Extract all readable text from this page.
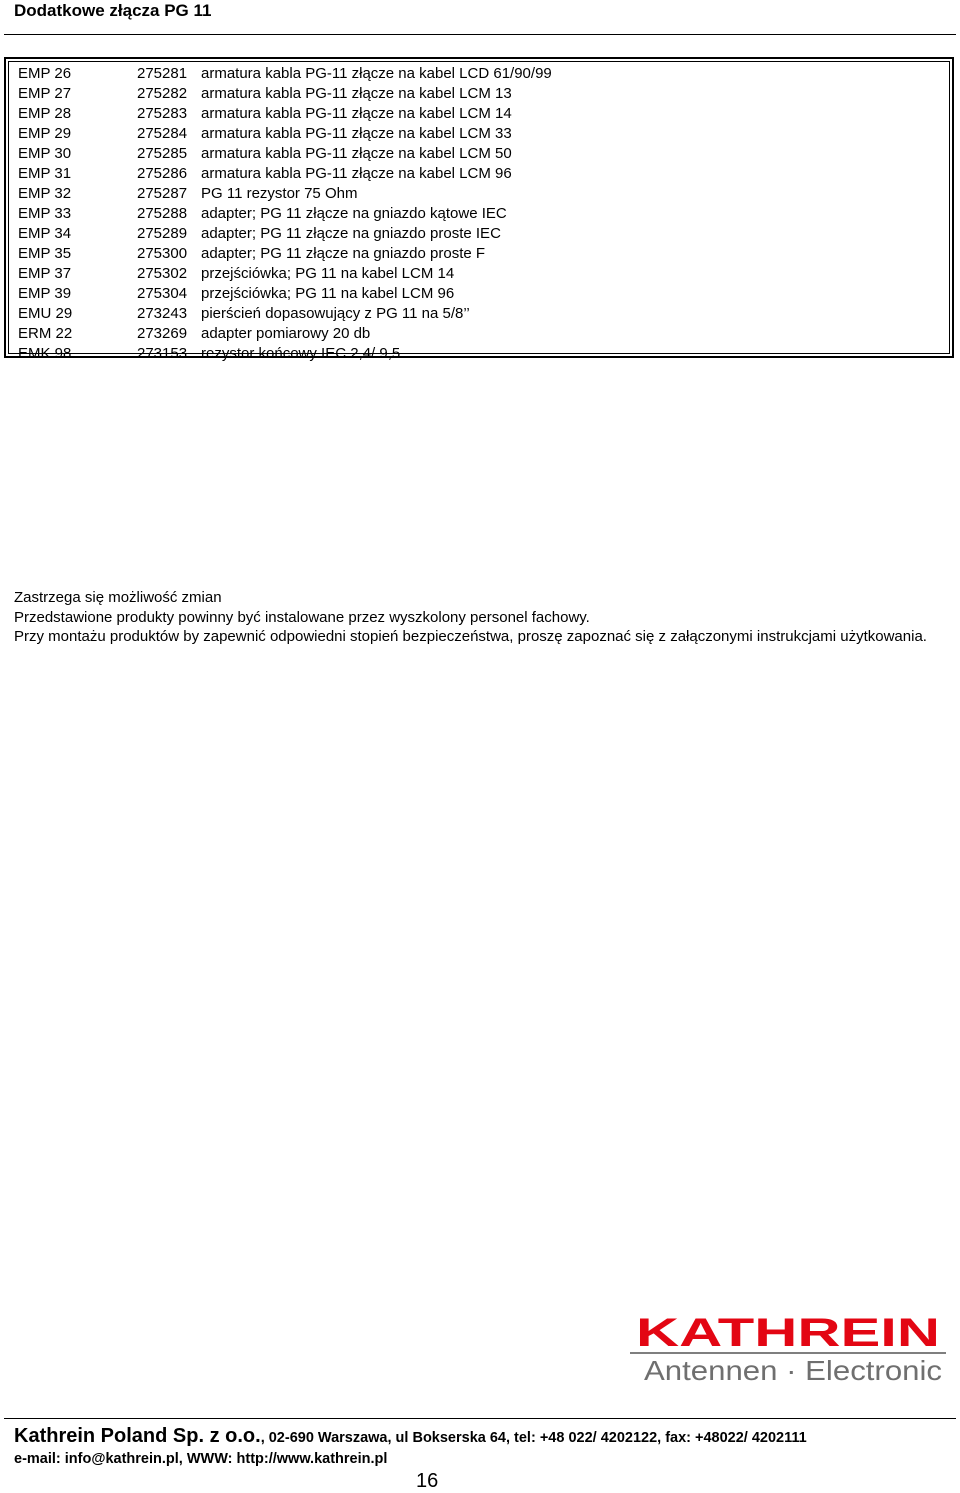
Dodatkowe złącza PG 11
EMP 26	275281 armatura kabla PG-11 złącze na kabel LCD 61/90/99
EMP 27	275282 armatura kabla PG-11 złącze na kabel LCM 13
EMP 28	275283 armatura kabla PG-11 złącze na kabel LCM 14
EMP 29	275284 armatura kabla PG-11 złącze na kabel LCM 33
EMP 30	275285 armatura kabla PG-11 złącze na kabel LCM 50
EMP 31	275286 armatura kabla PG-11 złącze na kabel LCM 96
EMP 32	275287 PG 11 rezystor 75 Ohm
EMP 33	275288 adapter; PG 11 złącze na gniazdo kątowe IEC
EMP 34	275289 adapter; PG 11 złącze na gniazdo proste IEC
EMP 35	275300 adapter; PG 11 złącze na gniazdo proste F
EMP 37	275302 przejściówka; PG 11 na kabel LCM 14
EMP 39	275304 przejściówka; PG 11 na kabel LCM 96
EMU 29	273243 pierścień dopasowujący z PG 11 na 5/8’’
ERM 22	273269 adapter pomiarowy 20 db
EMK 98	273153 rezystor końcowy IEC 2,4/ 9,5

Zastrzega się możliwość zmian

Przedstawione produkty powinny być instalowane przez wyszkolony personel fachowy.

Przy montażu produktów by zapewnić odpowiedni stopień bezpieczeństwa, proszę zapoznać się z załączonymi instrukcjami użytkowania.

KATHREIN
Antennen · Electronic
Kathrein Poland Sp. z o.o., 02-690 Warszawa, ul Bokserska 64, tel: +48 022/ 4202122, fax: +48022/ 4202111
e-mail: info@kathrein.pl, WWW: http://www.kathrein.pl
16
